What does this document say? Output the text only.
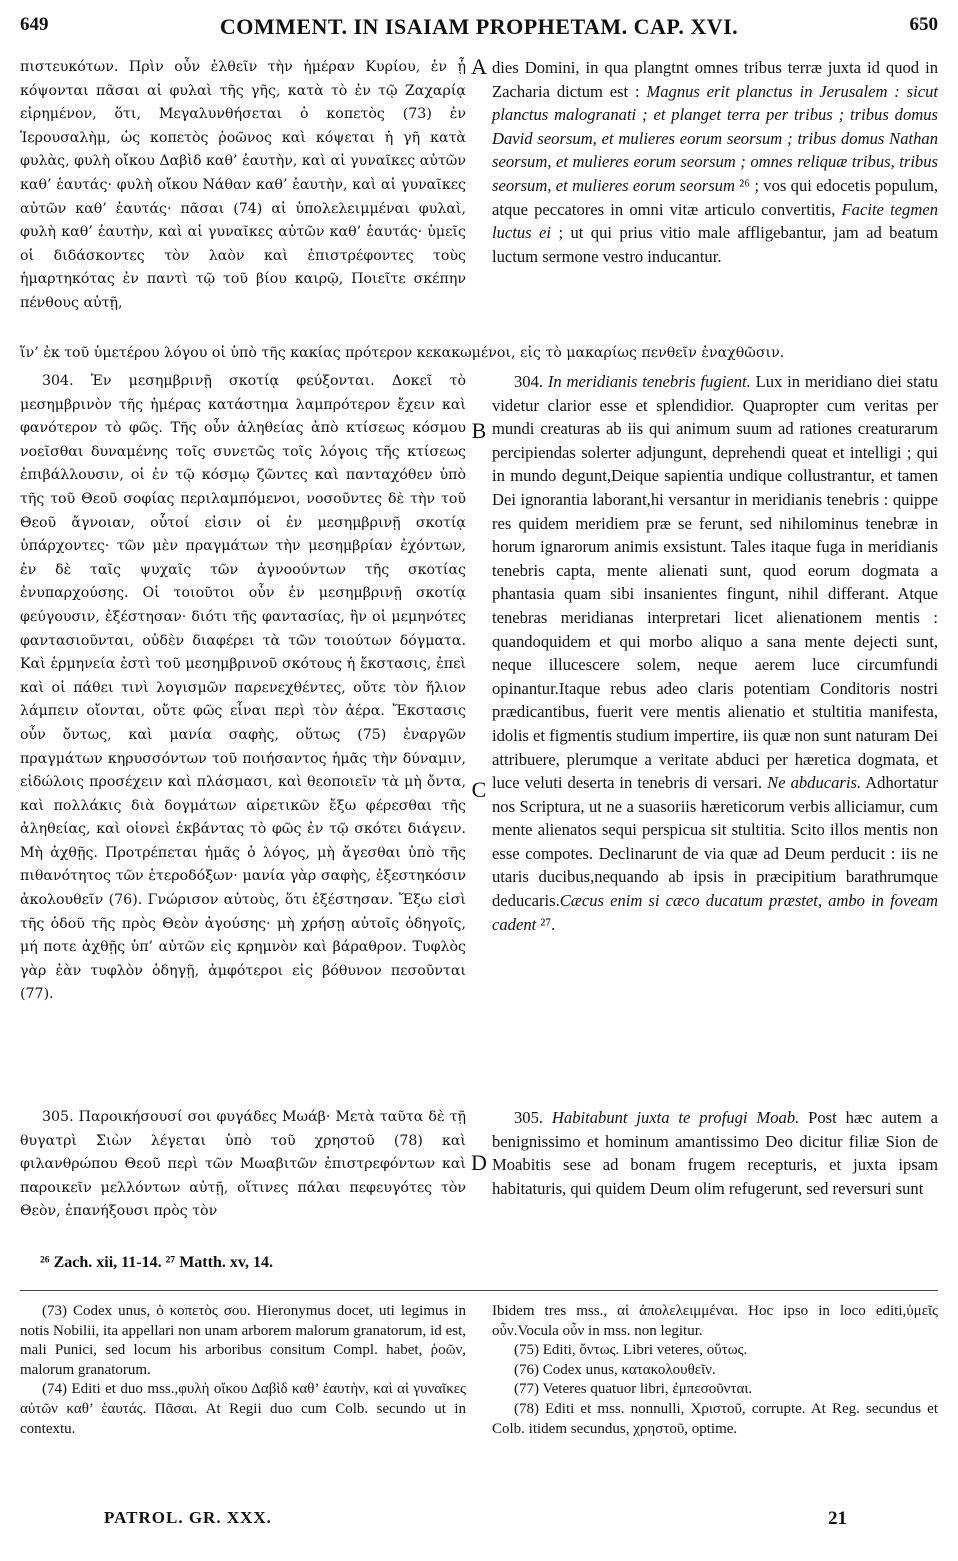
649	COMMENT. IN ISAIAM PROPHETAM. CAP. XVI.	650

πιστευκότων. Πρὶν οὖν ἐλθεῖν τὴν ἡμέραν Κυρίου, ἐν ᾗ κόψονται πᾶσαι αἱ φυλαὶ τῆς γῆς, κατὰ τὸ ἐν τῷ Ζαχαρίᾳ εἰρημένον, ὅτι, Μεγαλυνθήσεται ὁ κοπετὸς (73) ἐν Ἱερουσαλὴμ, ὡς κοπετὸς ῥοῶνος καὶ κόψεται ἡ γῆ κατὰ φυλὰς, φυλὴ οἴκου Δαβὶδ καθ’ ἑαυτὴν, καὶ αἱ γυναῖκες αὐτῶν καθ’ ἑαυτάς· φυλὴ οἴκου Νάθαν καθ’ ἑαυτὴν, καὶ αἱ γυναῖκες αὐτῶν καθ’ ἑαυτάς· πᾶσαι (74) αἱ ὑπολελειμμέναι φυλαὶ, φυλὴ καθ’ ἑαυτὴν, καὶ αἱ γυναῖκες αὐτῶν καθ’ ἑαυτάς· ὑμεῖς οἱ διδάσκοντες τὸν λαὸν καὶ ἐπιστρέφοντες τοὺς ἡμαρτηκότας ἐν παντὶ τῷ τοῦ βίου καιρῷ, Ποιεῖτε σκέπην πένθους αὐτῇ,

dies Domini, in qua plangtnt omnes tribus terræ juxta id quod in Zacharia dictum est : Magnus erit planctus in Jerusalem : sicut planctus malogranati ; et planget terra per tribus ; tribus domus David seorsum, et mulieres eorum seorsum ; tribus domus Nathan seorsum, et mulieres eorum seorsum ; omnes reliquæ tribus, tribus seorsum, et mulieres eorum seorsum ²⁶ ; vos qui edocetis populum, atque peccatores in omni vitæ articulo convertitis, Facite tegmen luctus ei ; ut qui prius vitio male affligebantur, jam ad beatum luctum sermone vestro inducantur.

A
ἵν’ ἐκ τοῦ ὑμετέρου λόγου οἱ ὑπὸ τῆς κακίας πρότερον κεκακωμένοι, εἰς τὸ μακαρίως πενθεῖν ἐναχθῶσιν.

304. Ἐν μεσημβρινῇ σκοτίᾳ φεύξονται. Δοκεῖ τὸ μεσημβρινὸν τῆς ἡμέρας κατάστημα λαμπρότερον ἔχειν καὶ φανότερον τὸ φῶς. Τῆς οὖν ἀληθείας ἀπὸ κτίσεως κόσμου νοεῖσθαι δυναμένης τοῖς συνετῶς τοῖς λόγοις τῆς κτίσεως ἐπιβάλλουσιν, οἱ ἐν τῷ κόσμῳ ζῶντες καὶ πανταχόθεν ὑπὸ τῆς τοῦ Θεοῦ σοφίας περιλαμπόμενοι, νοσοῦντες δὲ τὴν τοῦ Θεοῦ ἄγνοιαν, οὗτοί εἰσιν οἱ ἐν μεσημβρινῇ σκοτίᾳ ὑπάρχοντες· τῶν μὲν πραγμάτων τὴν μεσημβρίαν ἐχόντων, ἐν δὲ ταῖς ψυχαῖς τῶν ἀγνοούντων τῆς σκοτίας ἐνυπαρχούσης. Οἱ τοιοῦτοι οὖν ἐν μεσημβρινῇ σκοτίᾳ φεύγουσιν, ἐξέστησαν· διότι τῆς φαντασίας, ἣν οἱ μεμηνότες φαντασιοῦνται, οὐδὲν διαφέρει τὰ τῶν τοιούτων δόγματα. Καὶ ἑρμηνεία ἐστὶ τοῦ μεσημβρινοῦ σκότους ἡ ἔκστασις, ἐπεὶ καὶ οἱ πάθει τινὶ λογισμῶν παρενεχθέντες, οὔτε τὸν ἥλιον λάμπειν οἴονται, οὔτε φῶς εἶναι περὶ τὸν ἀέρα. Ἔκστασις οὖν ὄντως, καὶ μανία σαφὴς, οὕτως (75) ἐναργῶν πραγμάτων κηρυσσόντων τοῦ ποιήσαντος ἡμᾶς τὴν δύναμιν, εἰδώλοις προσέχειν καὶ πλάσμασι, καὶ θεοποιεῖν τὰ μὴ ὄντα, καὶ πολλάκις διὰ δογμάτων αἱρετικῶν ἔξω φέρεσθαι τῆς ἀληθείας, καὶ οἱονεὶ ἐκβάντας τὸ φῶς ἐν τῷ σκότει διάγειν. Μὴ ἀχθῇς. Προτρέπεται ἡμᾶς ὁ λόγος, μὴ ἄγεσθαι ὑπὸ τῆς πιθανότητος τῶν ἑτεροδόξων· μανία γὰρ σαφὴς, ἐξεστηκόσιν ἀκολουθεῖν (76). Γνώρισον αὐτοὺς, ὅτι ἐξέστησαν. Ἔξω εἰσὶ τῆς ὁδοῦ τῆς πρὸς Θεὸν ἀγούσης· μὴ χρήσῃ αὐτοῖς ὁδηγοῖς, μή ποτε ἀχθῇς ὑπ’ αὐτῶν εἰς κρημνὸν καὶ βάραθρον. Τυφλὸς γὰρ ἐὰν τυφλὸν ὁδηγῇ, ἀμφότεροι εἰς βόθυνον πεσοῦνται (77).

304. In meridianis tenebris fugient. Lux in meridiano diei statu videtur clarior esse et splendidior. Quapropter cum veritas per mundi creaturas ab iis qui animum suum ad rationes creaturarum percipiendas solerter adjungunt, deprehendi queat et intelligi ; qui in mundo degunt,Deique sapientia undique collustrantur, et tamen Dei ignorantia laborant,hi versantur in meridianis tenebris : quippe res quidem meridiem præ se ferunt, sed nihilominus tenebræ in horum ignarorum animis exsistunt. Tales itaque fuga in meridianis tenebris capta, mente alienati sunt, quod eorum dogmata a phantasia quam sibi insanientes fingunt, nihil differant. Atque tenebras meridianas interpretari licet alienationem mentis : quandoquidem et qui morbo aliquo a sana mente dejecti sunt, neque illucescere solem, neque aerem luce circumfundi opinantur.Itaque rebus adeo claris potentiam Conditoris nostri prædicantibus, fuerit vere mentis alienatio et stultitia manifesta, idolis et figmentis studium impertire, iis quæ non sunt naturam Dei attribuere, plerumque a veritate abduci per hæretica dogmata, et luce veluti deserta in tenebris di versari. Ne abducaris. Adhortatur nos Scriptura, ut ne a suasoriis hæreticorum verbis alliciamur, cum mente alienatos sequi perspicua sit stultitia. Scito illos mentis non esse compotes. Declinarunt de via quæ ad Deum perducit : iis ne utaris ducibus,nequando ab ipsis in præcipitium barathrumque deducaris.Cæcus enim si cæco ducatum præstet, ambo in foveam cadent ²⁷.

B
C

305. Παροικήσουσί σοι φυγάδες Μωάβ· Μετὰ ταῦτα δὲ τῇ θυγατρὶ Σιὼν λέγεται ὑπὸ τοῦ χρηστοῦ (78) καὶ φιλανθρώπου Θεοῦ περὶ τῶν Μωαβιτῶν ἐπιστρεφόντων καὶ παροικεῖν μελλόντων αὐτῇ, οἵτινες πάλαι πεφευγότες τὸν Θεὸν, ἐπανήξουσι πρὸς τὸν

305. Habitabunt juxta te profugi Moab. Post hæc autem a benignissimo et hominum amantissimo Deo dicitur filiæ Sion de Moabitis sese ad bonam frugem recepturis, et juxta ipsam habitaturis, qui quidem Deum olim refugerunt, sed reversuri sunt

D
²⁶ Zach. xii, 11-14. ²⁷ Matth. xv, 14.

(73) Codex unus, ὁ κοπετὸς σου. Hieronymus docet, uti legimus in notis Nobilii, ita appellari non unam arborem malorum granatorum, id est, mali Punici, sed locum his arboribus consitum Compl. habet, ῥοῶν, malorum granatorum.

(74) Editi et duo mss.,φυλὴ οἴκου Δαβὶδ καθ’ ἑαυτὴν, καὶ αἱ γυναῖκες αὐτῶν καθ’ ἑαυτάς. Πᾶσαι. At Regii duo cum Colb. secundo ut in contextu.

Ibidem tres mss., αἱ ἀπολελειμμέναι. Hoc ipso in loco editi,ὑμεῖς οὖν.Vocula οὖν in mss. non legitur.

(75) Editi, ὄντως. Libri veteres, οὕτως.

(76) Codex unus, κατακολουθεῖν.

(77) Veteres quatuor libri, ἐμπεσοῦνται.

(78) Editi et mss. nonnulli, Χριστοῦ, corrupte. At Reg. secundus et Colb. itidem secundus, χρηστοῦ, optime.

PATROL. GR. XXX.	21
